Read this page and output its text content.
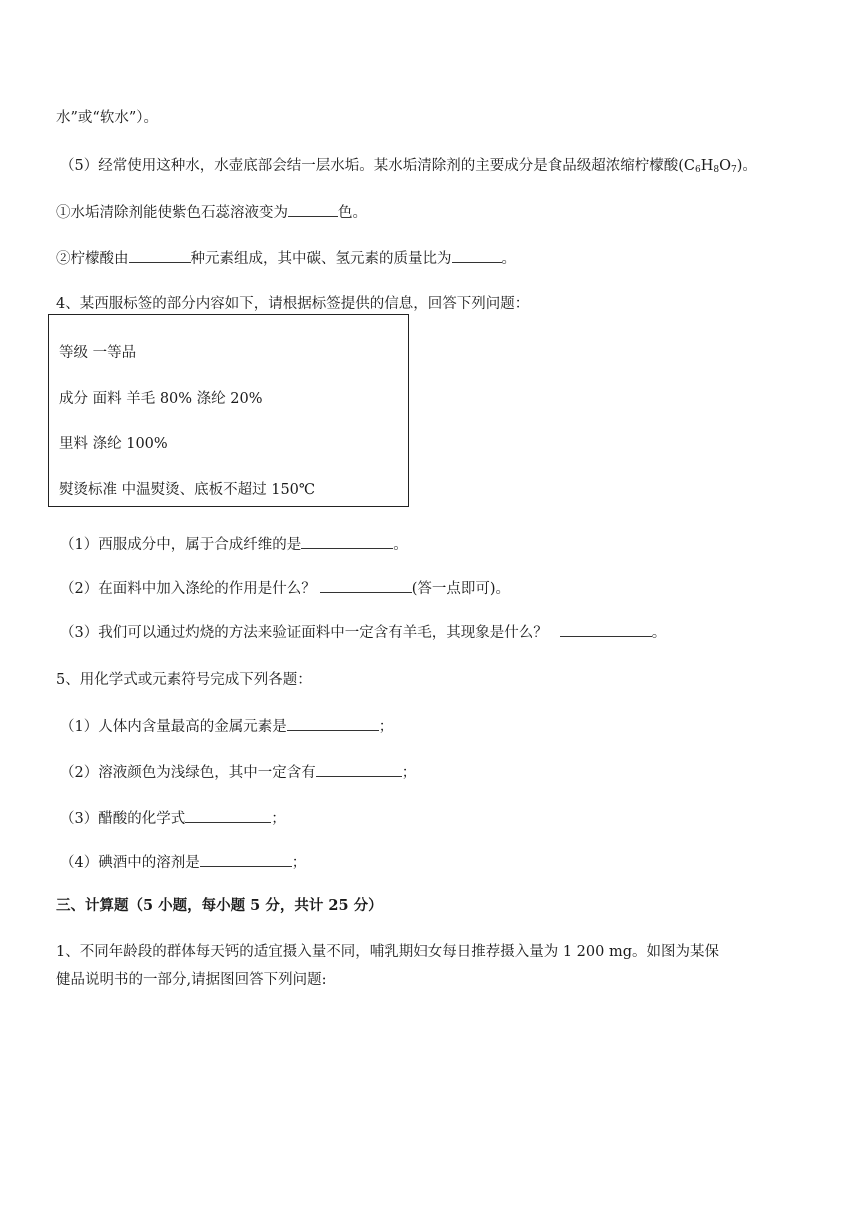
水”或“软水”）。
（5）经常使用这种水，水壶底部会结一层水垢。某水垢清除剂的主要成分是食品级超浓缩柠檬酸$(C_6H_8O_7)$。
①水垢清除剂能使紫色石蕊溶液变为	色。
②柠檬酸由	种元素组成，其中碳、氢元素的质量比为	。
4、某西服标签的部分内容如下，请根据标签提供的信息，回答下列问题：
等级 一等品
成分 面料 羊毛 80% 涤纶 20%
里料 涤纶 100%
熨烫标准 中温熨烫、底板不超过 150℃
（1）西服成分中，属于合成纤维的是	。
（2）在面料中加入涤纶的作用是什么？	(答一点即可)。
（3）我们可以通过灼烧的方法来验证面料中一定含有羊毛，其现象是什么？	。
5、用化学式或元素符号完成下列各题：
（1）人体内含量最高的金属元素是	；
（2）溶液颜色为浅绿色，其中一定含有	；
（3）醋酸的化学式	；
（4）碘酒中的溶剂是	；
三、计算题（5 小题，每小题 5 分，共计 25 分）
1、不同年龄段的群体每天钙的适宜摄入量不同，哺乳期妇女每日推荐摄入量为 1 200 mg。如图为某保
健品说明书的一部分,请据图回答下列问题:
